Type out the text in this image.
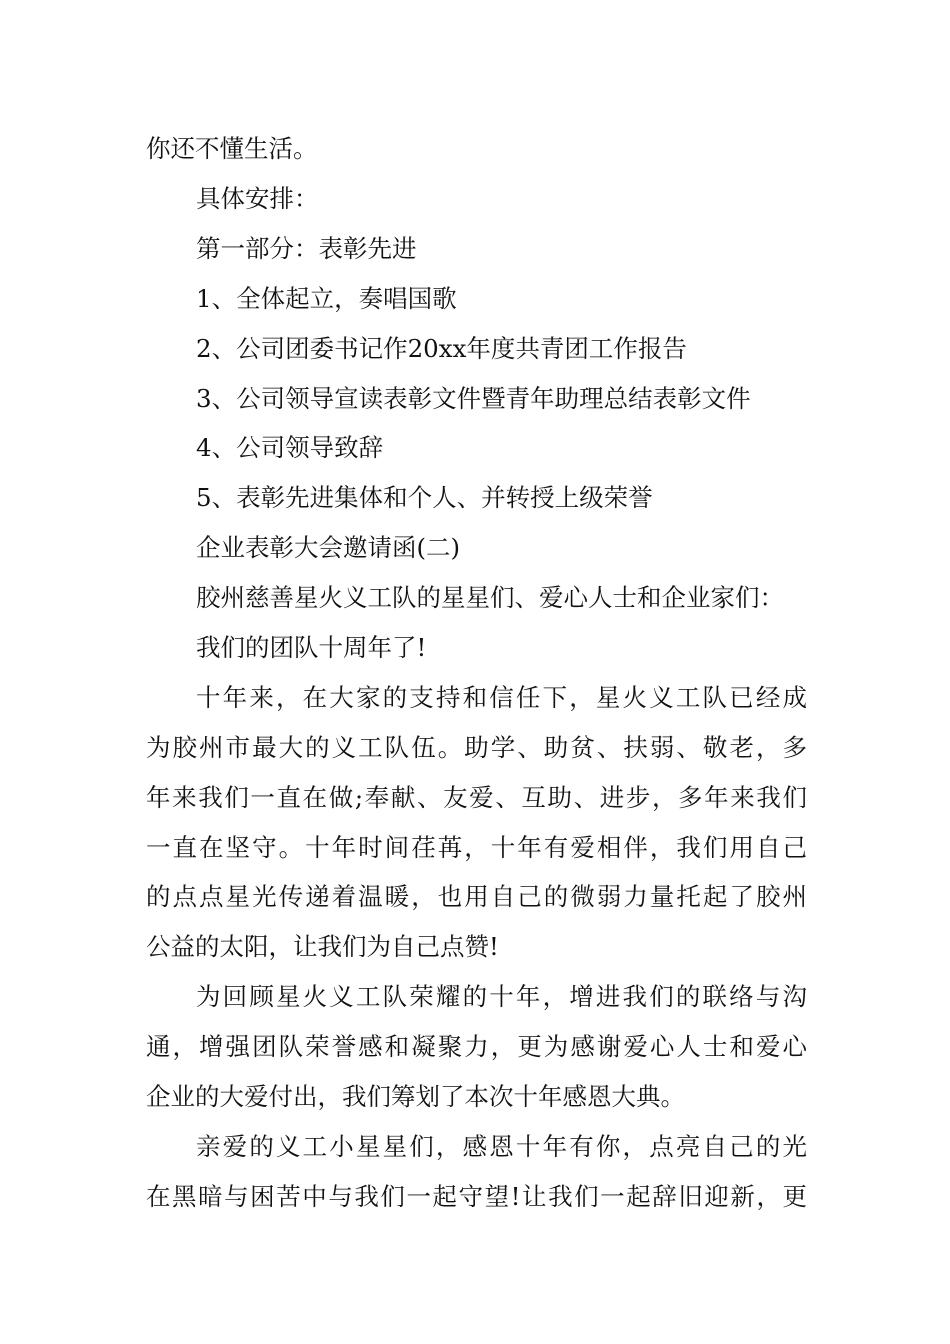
你还不懂生活。
具体安排：
第一部分：表彰先进
1、全体起立，奏唱国歌
2、公司团委书记作20xx年度共青团工作报告
3、公司领导宣读表彰文件暨青年助理总结表彰文件
4、公司领导致辞
5、表彰先进集体和个人、并转授上级荣誉
企业表彰大会邀请函(二)
胶州慈善星火义工队的星星们、爱心人士和企业家们：
我们的团队十周年了!
十年来，在大家的支持和信任下，星火义工队已经成
为胶州市最大的义工队伍。助学、助贫、扶弱、敬老，多
年来我们一直在做;奉献、友爱、互助、进步，多年来我们
一直在坚守。十年时间荏苒，十年有爱相伴，我们用自己
的点点星光传递着温暖，也用自己的微弱力量托起了胶州
公益的太阳，让我们为自己点赞!
为回顾星火义工队荣耀的十年，增进我们的联络与沟
通，增强团队荣誉感和凝聚力，更为感谢爱心人士和爱心
企业的大爱付出，我们筹划了本次十年感恩大典。
亲爱的义工小星星们，感恩十年有你，点亮自己的光
在黑暗与困苦中与我们一起守望!让我们一起辞旧迎新，更
